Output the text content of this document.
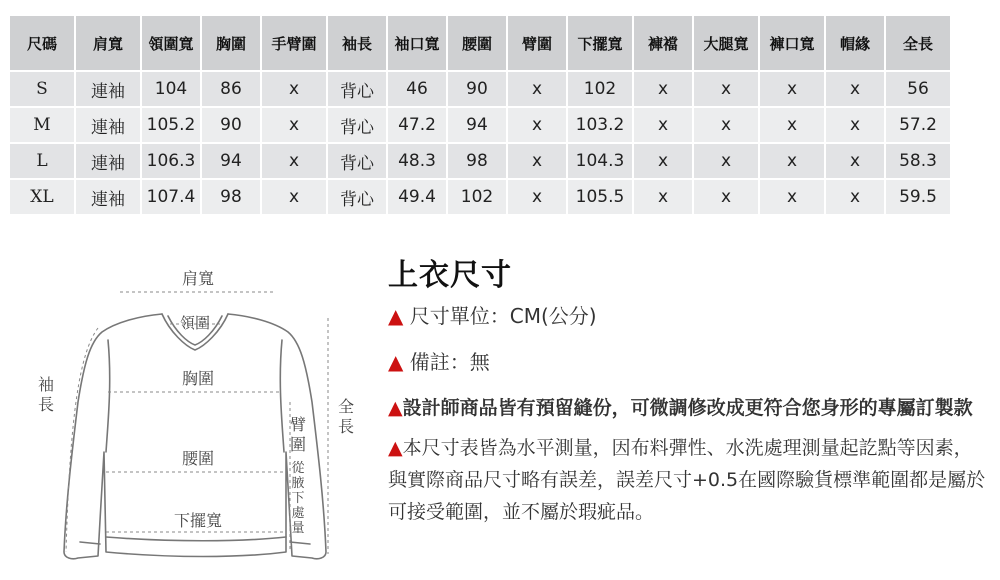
尺碼	肩寬	領圍寬	胸圍	手臂圍	袖長	袖口寬	腰圍	臂圍	下擺寬	褲襠	大腿寬	褲口寬	帽緣	全長
S	連袖	104	86	x	背心	46	90	x	102	x	x	x	x	56
M	連袖	105.2	90	x	背心	47.2	94	x	103.2	x	x	x	x	57.2
L	連袖	106.3	94	x	背心	48.3	98	x	104.3	x	x	x	x	58.3
XL	連袖	107.4	98	x	背心	49.4	102	x	105.5	x	x	x	x	59.5
肩寬
領圍
胸圍
腰圍
下擺寬
袖
長
臂
圍
從
腋
下
處
量
全
長
上衣尺寸
▲ 尺寸單位：CM(公分)
▲ 備註：無
▲設計師商品皆有預留縫份，可微調修改成更符合您身形的專屬訂製款
▲本尺寸表皆為水平測量，因布料彈性、水洗處理測量起訖點等因素，與實際商品尺寸略有誤差，誤差尺寸+0.5在國際驗貨標準範圍都是屬於可接受範圍，並不屬於瑕疵品。
